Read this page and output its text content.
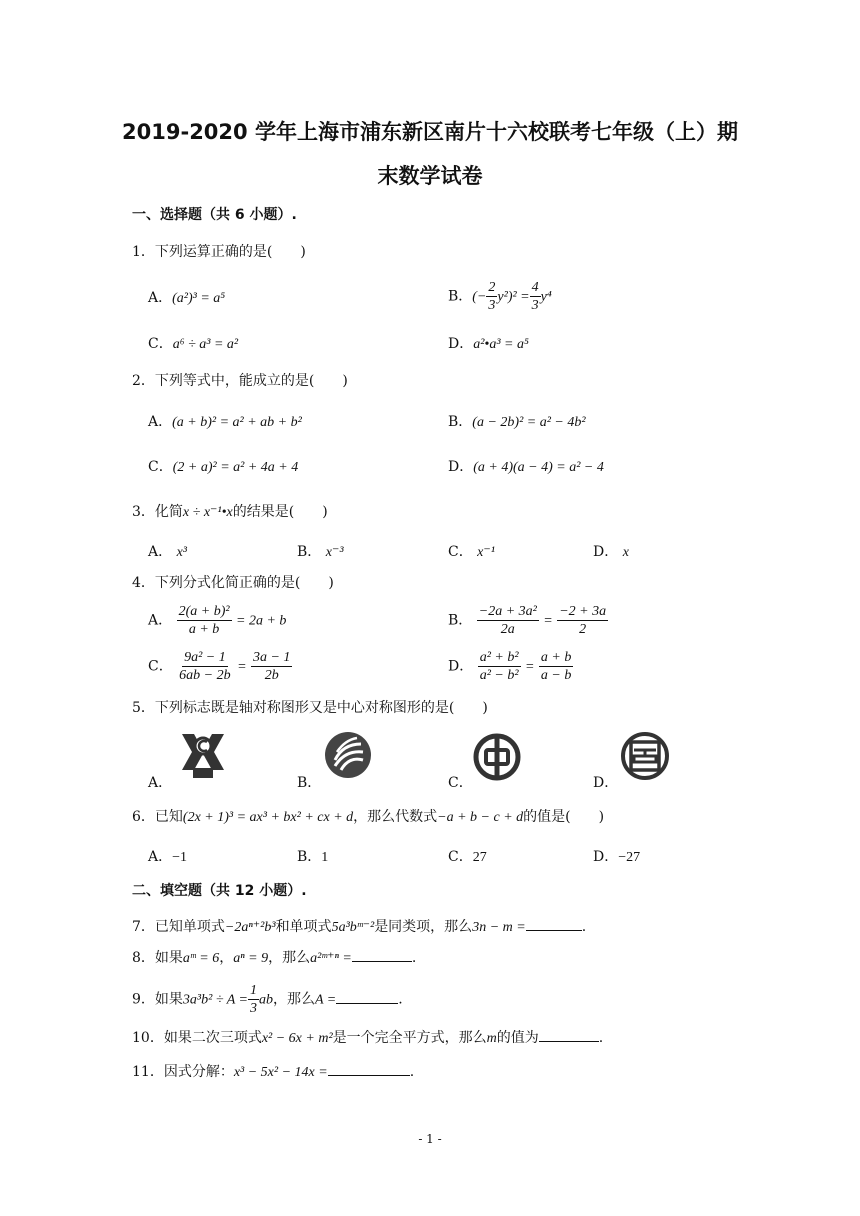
2019-2020 学年上海市浦东新区南片十六校联考七年级（上）期
末数学试卷
一、选择题（共 6 小题）.
1．下列运算正确的是(　　)
A．(a²)³ = a⁵	B．(− $\frac{2}{3} y^2)^2 = \frac{4}{3} y^4$
C．a⁶ ÷ a³ = a²	D．a²•a³ = a⁵
2．下列等式中，能成立的是(　　)
A．(a + b)² = a² + ab + b²	B．(a − 2b)² = a² − 4b²
C．(2 + a)² = a² + 4a + 4	D．(a + 4)(a − 4) = a² − 4
3．化简x ÷ x⁻¹•x的结果是(　　)
A． x³	B． x⁻³	C． x⁻¹	D． x
4．下列分式化简正确的是(　　)
A． $\frac{\text{2(a + b)²}}{a + b} = 2a + b$	B． $\frac{\text{−2a + 3a²}}{2a} = \frac{-2 + 3a}{2}$
C． $\frac{\text{9a² − 1}}{6ab - 2b} = \frac{3a - 1}{2b}$	D． $\frac{\text{a² + b²}}{\text{a² − b²}} = \frac{a + b}{a - b}$
5．下列标志既是轴对称图形又是中心对称图形的是(　　)
A．	B．	C．	D．
6．已知(2x + 1)³ = ax³ + bx² + cx + d，那么代数式−a + b − c + d的值是(　　)
A．−1	B．1	C．27	D．−27
二、填空题（共 12 小题）.
7．已知单项式−2aⁿ⁺²b³和单项式5a³bᵐ⁻²是同类项，那么3n − m =	.
8．如果aᵐ = 6，aⁿ = 9，那么a²ᵐ⁺ⁿ =	.
9．如果$3a^3b^2 \div A = \frac{1}{3}$ ab，那么A =	.
10．如果二次三项式x² − 6x + m²是一个完全平方式，那么m的值为	.
11．因式分解：x³ − 5x² − 14x =	.
- 1 -
